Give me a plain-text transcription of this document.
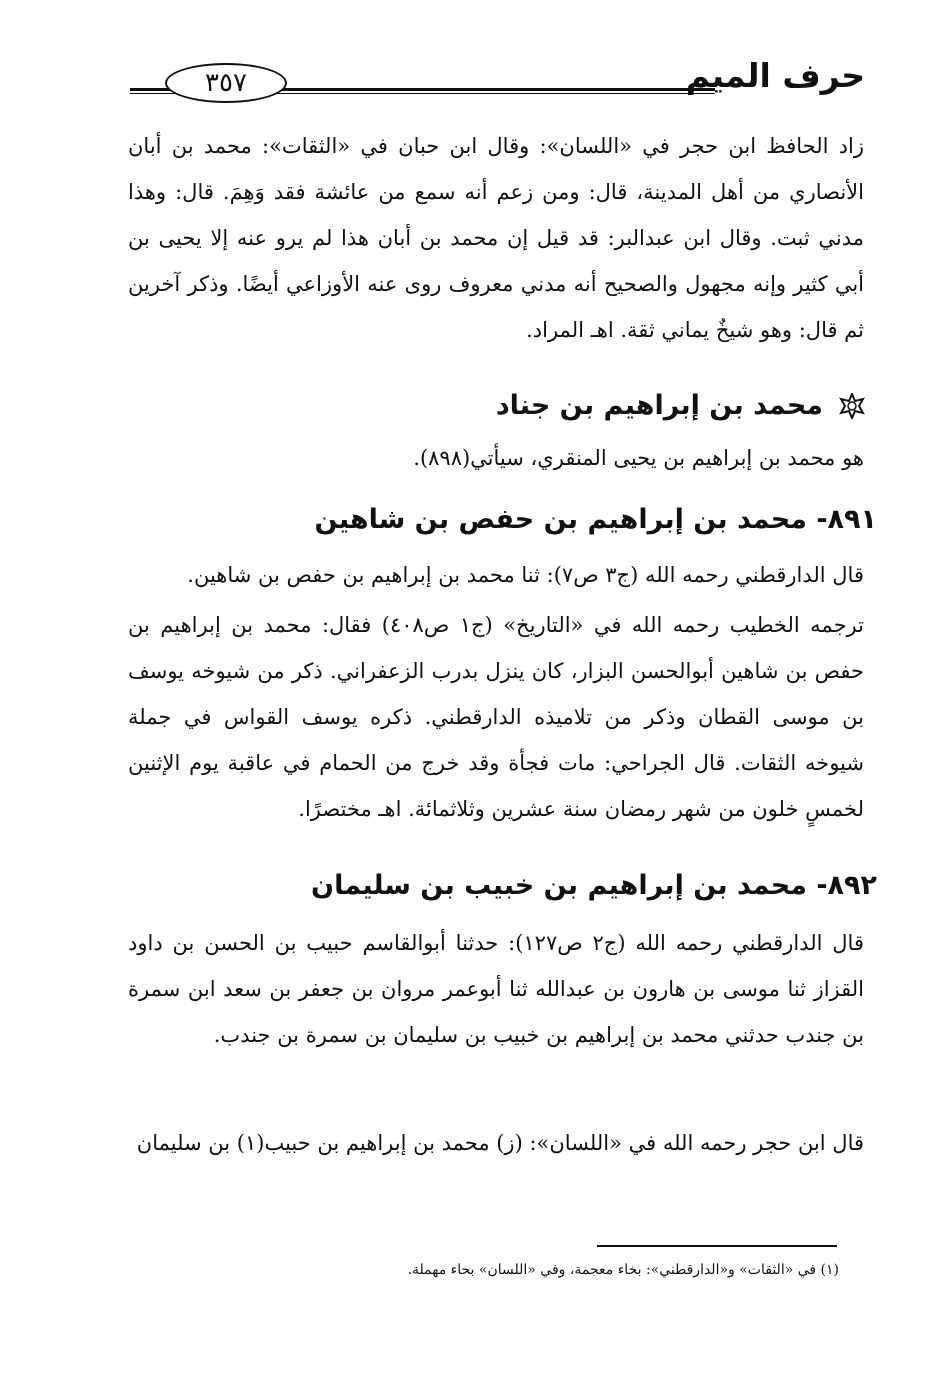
٣٥٧	حرف الميم
زاد الحافظ ابن حجر في «اللسان»: وقال ابن حبان في «الثقات»: محمد بن أبان الأنصاري من أهل المدينة، قال: ومن زعم أنه سمع من عائشة فقد وَهِمَ. قال: وهذا مدني ثبت. وقال ابن عبدالبر: قد قيل إن محمد بن أبان هذا لم يرو عنه إلا يحيى بن أبي كثير وإنه مجهول والصحيح أنه مدني معروف روى عنه الأوزاعي أيضًا. وذكر آخرين ثم قال: وهو شيخٌ يماني ثقة. اهـ المراد.
محمد بن إبراهيم بن جناد
هو محمد بن إبراهيم بن يحيى المنقري، سيأتي(٨٩٨).
٨٩١- محمد بن إبراهيم بن حفص بن شاهين
قال الدارقطني رحمه الله (ج٣ ص٧): ثنا محمد بن إبراهيم بن حفص بن شاهين.
ترجمه الخطيب رحمه الله في «التاريخ» (ج١ ص٤٠٨) فقال: محمد بن إبراهيم بن حفص بن شاهين أبوالحسن البزار، كان ينزل بدرب الزعفراني. ذكر من شيوخه يوسف بن موسى القطان وذكر من تلاميذه الدارقطني. ذكره يوسف القواس في جملة شيوخه الثقات. قال الجراحي: مات فجأة وقد خرج من الحمام في عاقبة يوم الإثنين لخمسٍ خلون من شهر رمضان سنة عشرين وثلاثمائة. اهـ مختصرًا.
٨٩٢- محمد بن إبراهيم بن خبيب بن سليمان
قال الدارقطني رحمه الله (ج٢ ص١٢٧): حدثنا أبوالقاسم حبيب بن الحسن بن داود القزاز ثنا موسى بن هارون بن عبدالله ثنا أبوعمر مروان بن جعفر بن سعد ابن سمرة بن جندب حدثني محمد بن إبراهيم بن خبيب بن سليمان بن سمرة بن جندب.
قال ابن حجر رحمه الله في «اللسان»: (ز) محمد بن إبراهيم بن حبيب(١) بن سليمان
(١) في «الثقات» و«الدارقطني»: بخاء معجمة، وفي «اللسان» بحاء مهملة.
